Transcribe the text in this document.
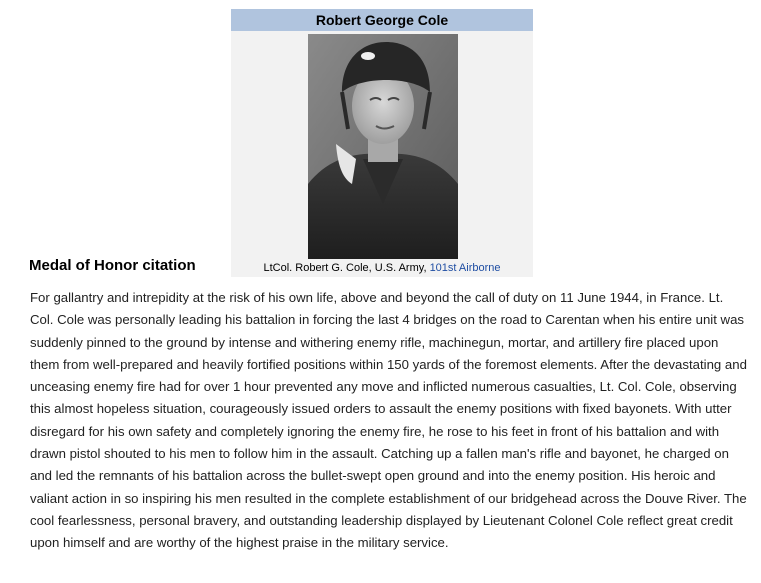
Robert George Cole
LtCol. Robert G. Cole, U.S. Army, 101st Airborne
Medal of Honor citation

For gallantry and intrepidity at the risk of his own life, above and beyond the call of duty on 11 June 1944, in France. Lt. Col. Cole was personally leading his battalion in forcing the last 4 bridges on the road to Carentan when his entire unit was suddenly pinned to the ground by intense and withering enemy rifle, machinegun, mortar, and artillery fire placed upon them from well-prepared and heavily fortified positions within 150 yards of the foremost elements. After the devastating and unceasing enemy fire had for over 1 hour prevented any move and inflicted numerous casualties, Lt. Col. Cole, observing this almost hopeless situation, courageously issued orders to assault the enemy positions with fixed bayonets. With utter disregard for his own safety and completely ignoring the enemy fire, he rose to his feet in front of his battalion and with drawn pistol shouted to his men to follow him in the assault. Catching up a fallen man's rifle and bayonet, he charged on and led the remnants of his battalion across the bullet-swept open ground and into the enemy position. His heroic and valiant action in so inspiring his men resulted in the complete establishment of our bridgehead across the Douve River. The cool fearlessness, personal bravery, and outstanding leadership displayed by Lieutenant Colonel Cole reflect great credit upon himself and are worthy of the highest praise in the military service.
